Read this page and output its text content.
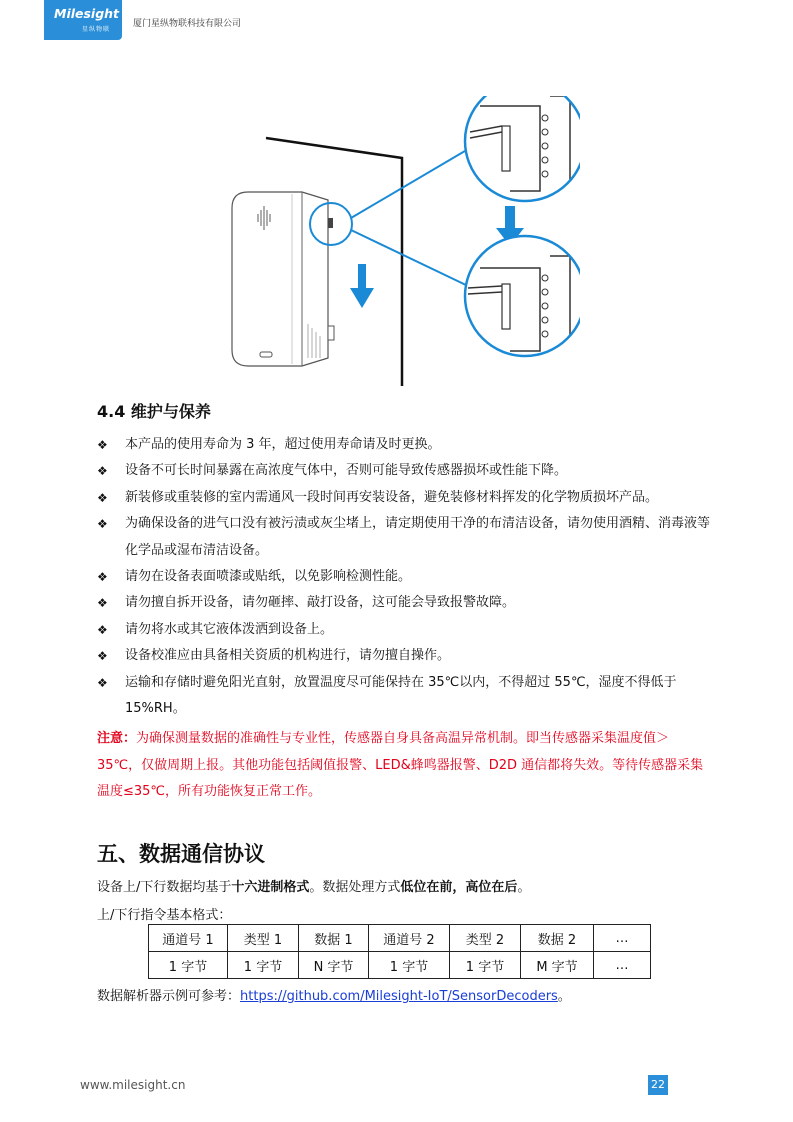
Milesight
星纵物联
厦门星纵物联科技有限公司
4.4 维护与保养
❖ 本产品的使用寿命为 3 年，超过使用寿命请及时更换。
❖ 设备不可长时间暴露在高浓度气体中，否则可能导致传感器损坏或性能下降。
❖ 新装修或重装修的室内需通风一段时间再安装设备，避免装修材料挥发的化学物质损坏产品。
❖ 为确保设备的进气口没有被污渍或灰尘堵上，请定期使用干净的布清洁设备，请勿使用酒精、消毒液等化学品或湿布清洁设备。
❖ 请勿在设备表面喷漆或贴纸，以免影响检测性能。
❖ 请勿擅自拆开设备，请勿砸摔、敲打设备，这可能会导致报警故障。
❖ 请勿将水或其它液体泼洒到设备上。
❖ 设备校准应由具备相关资质的机构进行，请勿擅自操作。
❖ 运输和存储时避免阳光直射，放置温度尽可能保持在 35℃以内，不得超过 55℃，湿度不得低于 15%RH。
注意：为确保测量数据的准确性与专业性，传感器自身具备高温异常机制。即当传感器采集温度值＞35℃，仅做周期上报。其他功能包括阈值报警、LED&蜂鸣器报警、D2D 通信都将失效。等待传感器采集温度≤35℃，所有功能恢复正常工作。
五、数据通信协议
设备上/下行数据均基于十六进制格式。数据处理方式低位在前，高位在后。
上/下行指令基本格式：
通道号 1	类型 1	数据 1	通道号 2	类型 2	数据 2	…
1 字节	1 字节	N 字节	1 字节	1 字节	M 字节	…
数据解析器示例可参考：https://github.com/Milesight-IoT/SensorDecoders。
www.milesight.cn	22
